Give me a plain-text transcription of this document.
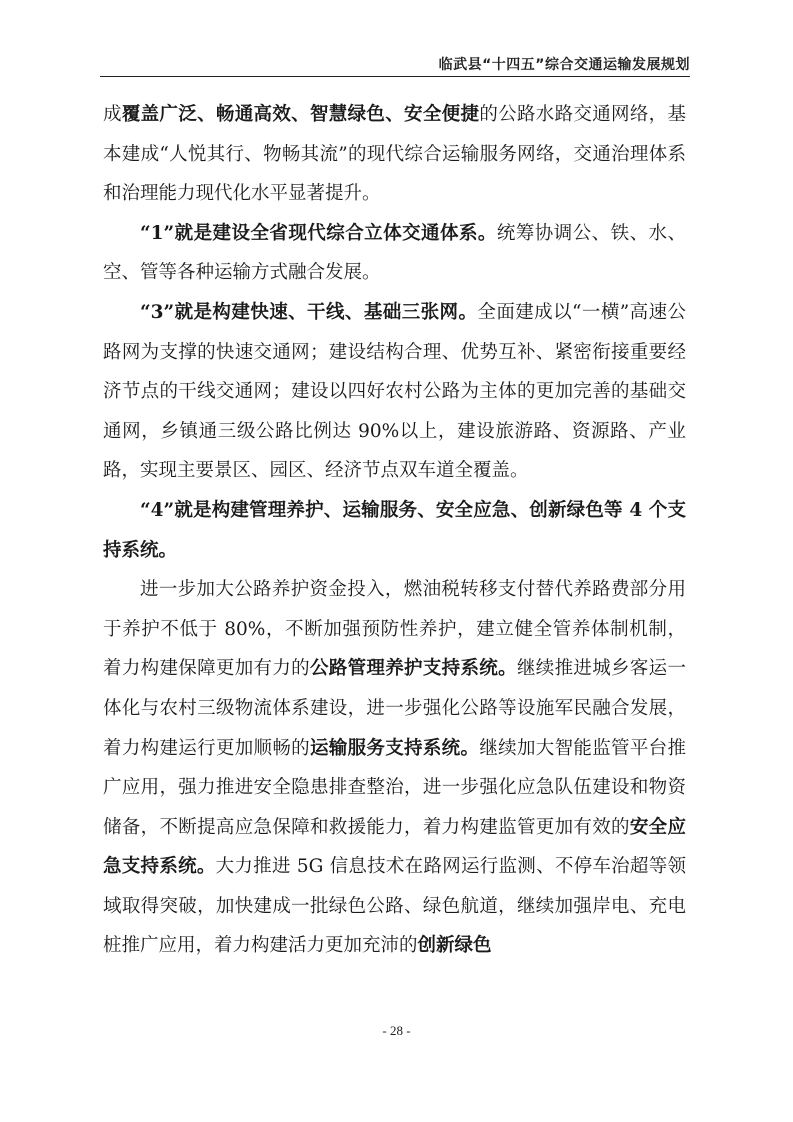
临武县“十四五”综合交通运输发展规划

成覆盖广泛、畅通高效、智慧绿色、安全便捷的公路水路交通网络，基本建成“人悦其行、物畅其流”的现代综合运输服务网络，交通治理体系和治理能力现代化水平显著提升。

“1”就是建设全省现代综合立体交通体系。统筹协调公、铁、水、空、管等各种运输方式融合发展。

“3”就是构建快速、干线、基础三张网。全面建成以“一横”高速公路网为支撑的快速交通网；建设结构合理、优势互补、紧密衔接重要经济节点的干线交通网；建设以四好农村公路为主体的更加完善的基础交通网，乡镇通三级公路比例达 90%以上，建设旅游路、资源路、产业路，实现主要景区、园区、经济节点双车道全覆盖。

“4”就是构建管理养护、运输服务、安全应急、创新绿色等 4 个支持系统。

进一步加大公路养护资金投入，燃油税转移支付替代养路费部分用于养护不低于 80%，不断加强预防性养护，建立健全管养体制机制，着力构建保障更加有力的公路管理养护支持系统。继续推进城乡客运一体化与农村三级物流体系建设，进一步强化公路等设施军民融合发展，着力构建运行更加顺畅的运输服务支持系统。继续加大智能监管平台推广应用，强力推进安全隐患排查整治，进一步强化应急队伍建设和物资储备，不断提高应急保障和救援能力，着力构建监管更加有效的安全应急支持系统。大力推进 5G 信息技术在路网运行监测、不停车治超等领域取得突破，加快建成一批绿色公路、绿色航道，继续加强岸电、充电桩推广应用，着力构建活力更加充沛的创新绿色

- 28 -
